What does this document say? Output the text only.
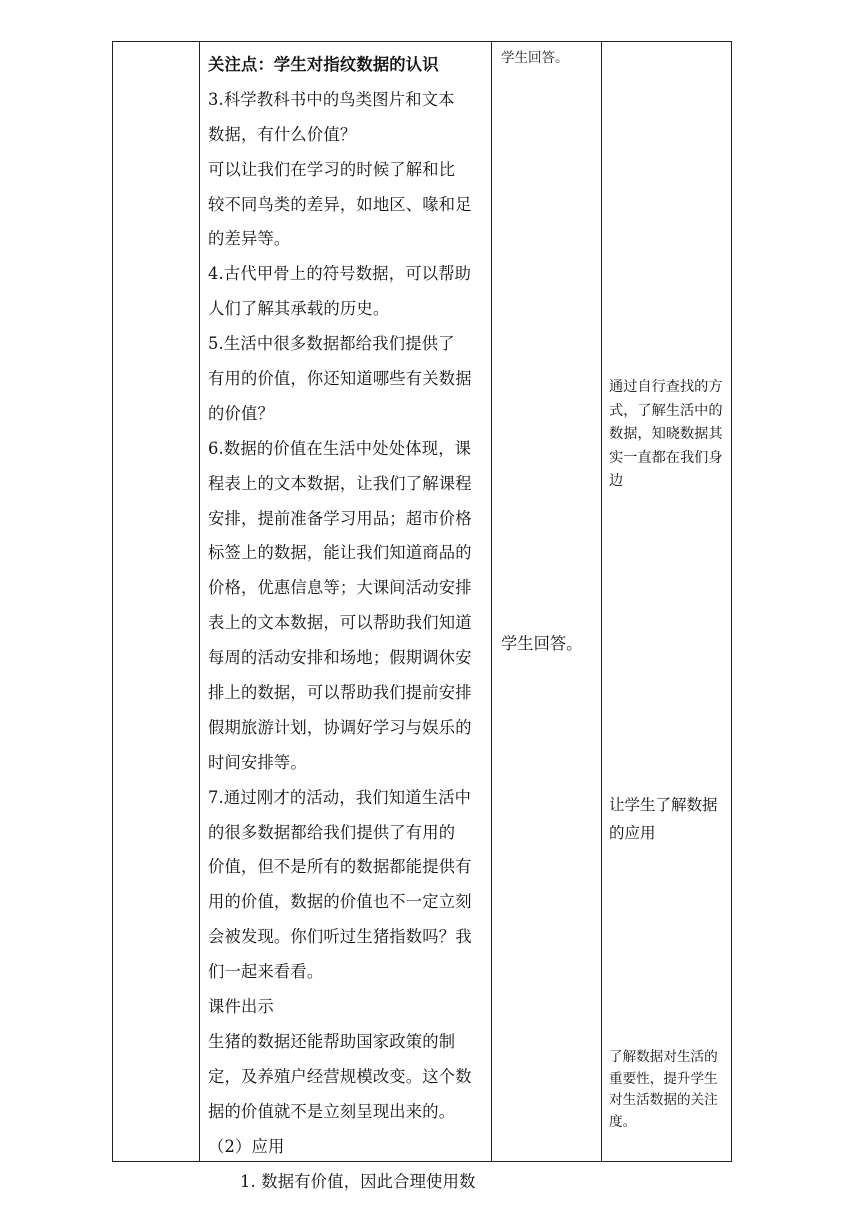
关注点：学生对指纹数据的认识
3.科学教科书中的鸟类图片和文本
数据，有什么价值？
可以让我们在学习的时候了解和比
较不同鸟类的差异，如地区、喙和足
的差异等。
4.古代甲骨上的符号数据，可以帮助
人们了解其承载的历史。
5.生活中很多数据都给我们提供了
有用的价值，你还知道哪些有关数据
的价值？
6.数据的价值在生活中处处体现，课
程表上的文本数据，让我们了解课程
安排，提前准备学习用品；超市价格
标签上的数据，能让我们知道商品的
价格，优惠信息等；大课间活动安排
表上的文本数据，可以帮助我们知道
每周的活动安排和场地；假期调休安
排上的数据，可以帮助我们提前安排
假期旅游计划，协调好学习与娱乐的
时间安排等。
7.通过刚才的活动，我们知道生活中
的很多数据都给我们提供了有用的
价值，但不是所有的数据都能提供有
用的价值，数据的价值也不一定立刻
会被发现。你们听过生猪指数吗？我
们一起来看看。
课件出示
生猪的数据还能帮助国家政策的制
定，及养殖户经营规模改变。这个数
据的价值就不是立刻呈现出来的。
（2）应用
1. 数据有价值，因此合理使用数
学生回答。
学生回答。
通过自行查找的方式，了解生活中的数据，知晓数据其实一直都在我们身边
让学生了解数据的应用
了解数据对生活的重要性，提升学生对生活数据的关注度。
